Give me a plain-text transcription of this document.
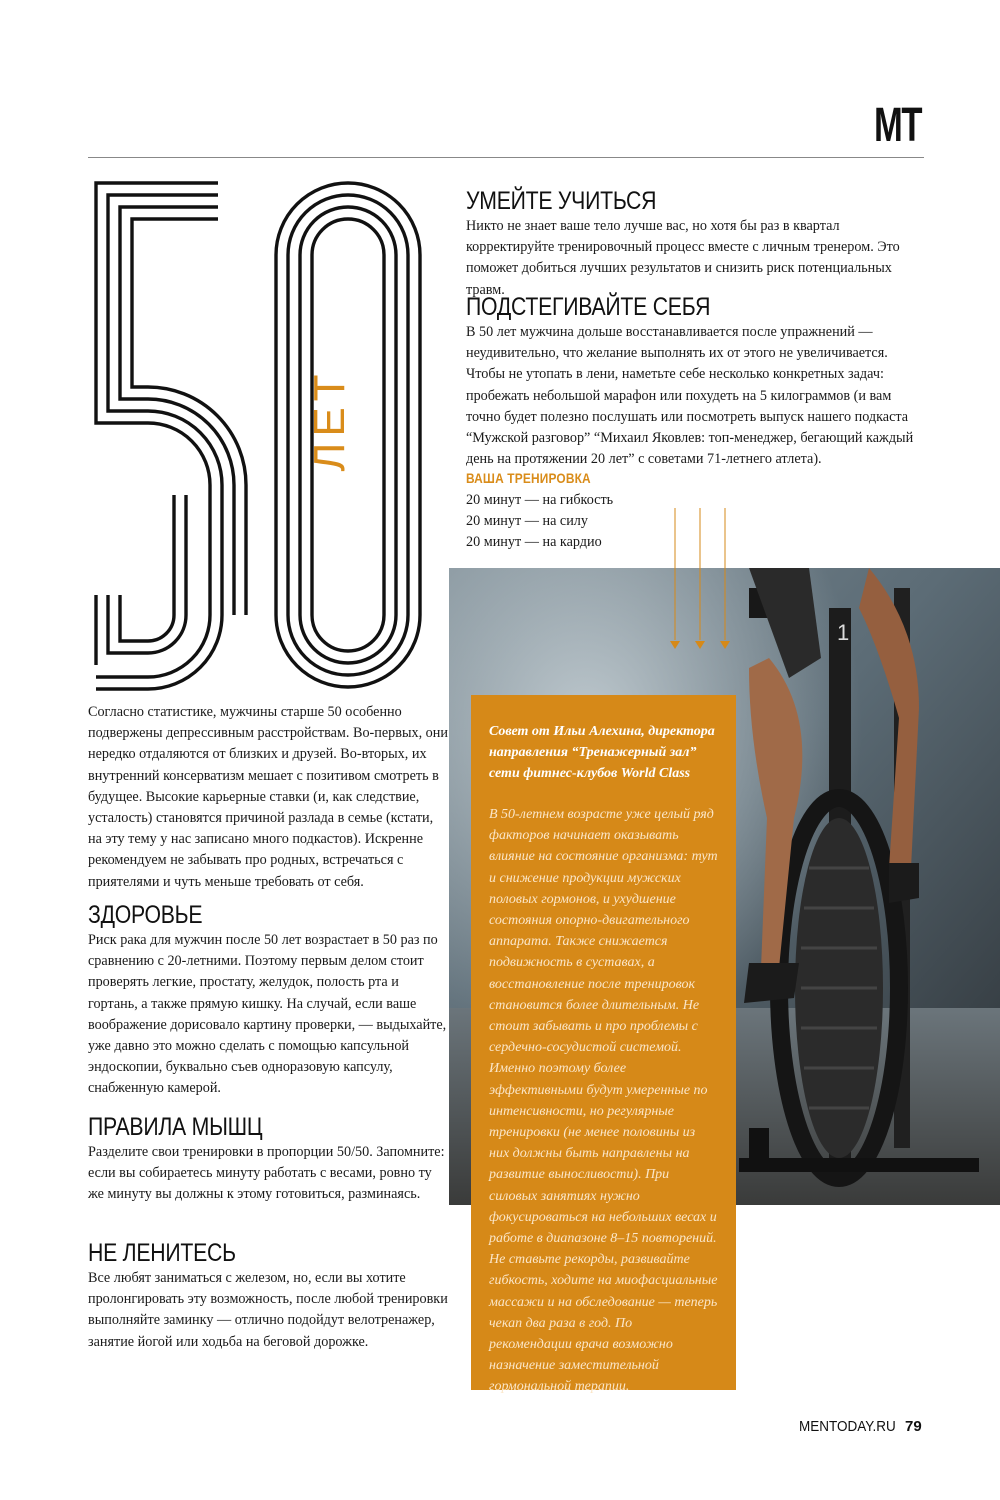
MT
ЛЕТ
УМЕЙТЕ УЧИТЬСЯ

Никто не знает ваше тело лучше вас, но хотя бы раз в квартал корректируйте тренировочный процесс вместе с личным тренером. Это поможет добиться лучших результатов и снизить риск потенциальных травм.

ПОДСТЕГИВАЙТЕ СЕБЯ

В 50 лет мужчина дольше восстанавливается после упражнений — неудивительно, что желание выполнять их от этого не увеличивается. Чтобы не утопать в лени, наметьте себе несколько конкретных задач: пробежать небольшой марафон или похудеть на 5 килограммов (и вам точно будет полезно послушать или посмотреть выпуск нашего подкаста “Мужской разговор” “Михаил Яковлев: топ-менеджер, бегающий каждый день на протяжении 20 лет” с советами 71-летнего атлета).

ВАША ТРЕНИРОВКА

20 минут — на гибкость

20 минут — на силу

20 минут — на кардио

Согласно статистике, мужчины старше 50 особенно подвержены депрессивным расстройствам. Во-первых, они нередко отдаляются от близких и друзей. Во-вторых, их внутренний консерватизм мешает с позитивом смотреть в будущее. Высокие карьерные ставки (и, как следствие, усталость) становятся причиной разлада в семье (кстати, на эту тему у нас записано много подкастов). Искренне рекомендуем не забывать про родных, встречаться с приятелями и чуть меньше требовать от себя.

ЗДОРОВЬЕ

Риск рака для мужчин после 50 лет возрастает в 50 раз по сравнению с 20-летними. Поэтому первым делом стоит проверять легкие, простату, желудок, полость рта и гортань, а также прямую кишку. На случай, если ваше воображение дорисовало картину проверки, — выдыхайте, уже давно это можно сделать с помощью капсульной эндоскопии, буквально съев одноразовую капсулу, снабженную камерой.

ПРАВИЛА МЫШЦ

Разделите свои тренировки в пропорции 50/50. Запомните: если вы собираетесь минуту работать с весами, ровно ту же минуту вы должны к этому готовиться, разминаясь.

НЕ ЛЕНИТЕСЬ

Все любят заниматься с железом, но, если вы хотите пролонгировать эту возможность, после любой тренировки выполняйте заминку — отлично подойдут велотренажер, занятие йогой или ходьба на беговой дорожке.

1

Совет от Ильи Алехина, директора направления “Тренажерный зал” сети фитнес-клубов World Class

В 50-летнем возрасте уже целый ряд факторов начинает оказывать влияние на состояние организма: тут и снижение продукции мужских половых гормонов, и ухудшение состояния опорно-двигательного аппарата. Также снижается подвижность в суставах, а восстановление после тренировок становится более длительным. Не стоит забывать и про проблемы с сердечно-сосудистой системой. Именно поэтому более эффективными будут умеренные по интенсивности, но регулярные тренировки (не менее половины из них должны быть направлены на развитие выносливости). При силовых занятиях нужно фокусироваться на небольших весах и работе в диапазоне 8–15 повторений. Не ставьте рекорды, развивайте гибкость, ходите на миофасциальные массажи и на обследование — теперь чекап два раза в год. По рекомендации врача возможно назначение заместительной гормональной терапии.

MENTODAY.RU 79
